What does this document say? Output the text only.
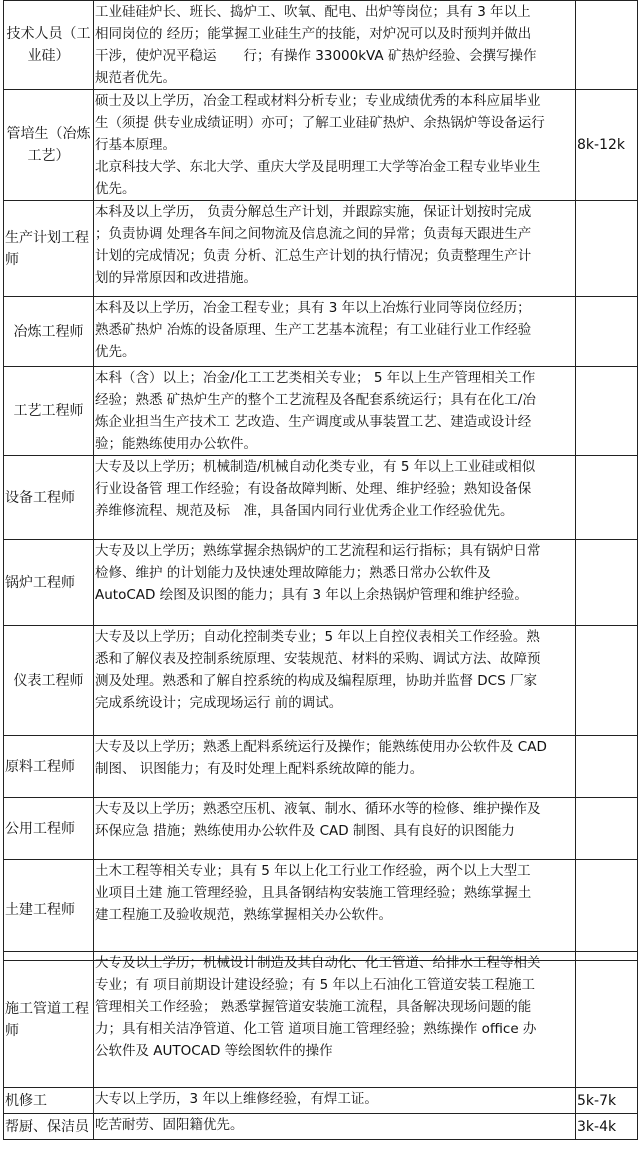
技术人员（工业硅）	工业硅硅炉长、班长、捣炉工、吹氧、配电、出炉等岗位；具有 3 年以上
相同岗位的 经历；能掌握工业硅生产的技能，对炉况可以及时预判并做出
干涉，使炉况平稳运　　行；有操作 33000kVA 矿热炉经验、会撰写操作
规范者优先。	

管培生（冶炼工艺）	硕士及以上学历，冶金工程或材料分析专业；专业成绩优秀的本科应届毕业
生（须提 供专业成绩证明）亦可；了解工业硅矿热炉、余热锅炉等设备运行
行基本原理。
北京科技大学、东北大学、重庆大学及昆明理工大学等冶金工程专业毕业生
优先。	8k-12k
生产计划工程师	本科及以上学历， 负责分解总生产计划，并跟踪实施，保证计划按时完成
；负责协调 处理各车间之间物流及信息流之间的异常；负责每天跟进生产
计划的完成情况；负责 分析、汇总生产计划的执行情况；负责整理生产计
划的异常原因和改进措施。	

冶炼工程师	本科及以上学历，冶金工程专业；具有 3 年以上冶炼行业同等岗位经历；
熟悉矿热炉 冶炼的设备原理、生产工艺基本流程；有工业硅行业工作经验
优先。	

工艺工程师	本科（含）以上；冶金/化工工艺类相关专业； 5 年以上生产管理相关工作
经验；熟悉 矿热炉生产的整个工艺流程及各配套系统运行；具有在化工/冶
炼企业担当生产技术工 艺改造、生产调度或从事装置工艺、建造或设计经
验；能熟练使用办公软件。	

设备工程师	大专及以上学历；机械制造/机械自动化类专业，有 5 年以上工业硅或相似
行业设备管 理工作经验；有设备故障判断、处理、维护经验；熟知设备保
养维修流程、规范及标　准，具备国内同行业优秀企业工作经验优先。	

锅炉工程师	大专及以上学历；熟练掌握余热锅炉的工艺流程和运行指标；具有锅炉日常
检修、维护 的计划能力及快速处理故障能力；熟悉日常办公软件及
AutoCAD 绘图及识图的能力；具有 3 年以上余热锅炉管理和维护经验。	

仪表工程师	大专及以上学历；自动化控制类专业；5 年以上自控仪表相关工作经验。熟
悉和了解仪表及控制系统原理、安装规范、材料的采购、调试方法、故障预
测及处理。熟悉和了解自控系统的构成及编程原理，协助并监督 DCS 厂家
完成系统设计；完成现场运行 前的调试。	

原料工程师	大专及以上学历；熟悉上配料系统运行及操作；能熟练使用办公软件及 CAD
制图、 识图能力；有及时处理上配料系统故障的能力。	

公用工程师	大专及以上学历；熟悉空压机、液氧、制水、循环水等的检修、维护操作及
环保应急 措施；熟练使用办公软件及 CAD 制图、具有良好的识图能力	

土建工程师	土木工程等相关专业；具有 5 年以上化工行业工作经验，两个以上大型工
业项目土建 施工管理经验，且具备钢结构安装施工管理经验；熟练掌握土
建工程施工及验收规范，熟练掌握相关办公软件。	

施工管道工程师	大专及以上学历；机械设计制造及其自动化、化工管道、给排水工程等相关
专业；有 项目前期设计建设经验；有 5 年以上石油化工管道安装工程施工
管理相关工作经验； 熟悉掌握管道安装施工流程，具备解决现场问题的能
力；具有相关洁净管道、化工管 道项目施工管理经验；熟练操作 office 办
公软件及 AUTOCAD 等绘图软件的操作	

机修工	大专以上学历，3 年以上维修经验，有焊工证。	5k-7k
帮厨、保洁员	吃苦耐劳、固阳籍优先。	3k-4k
